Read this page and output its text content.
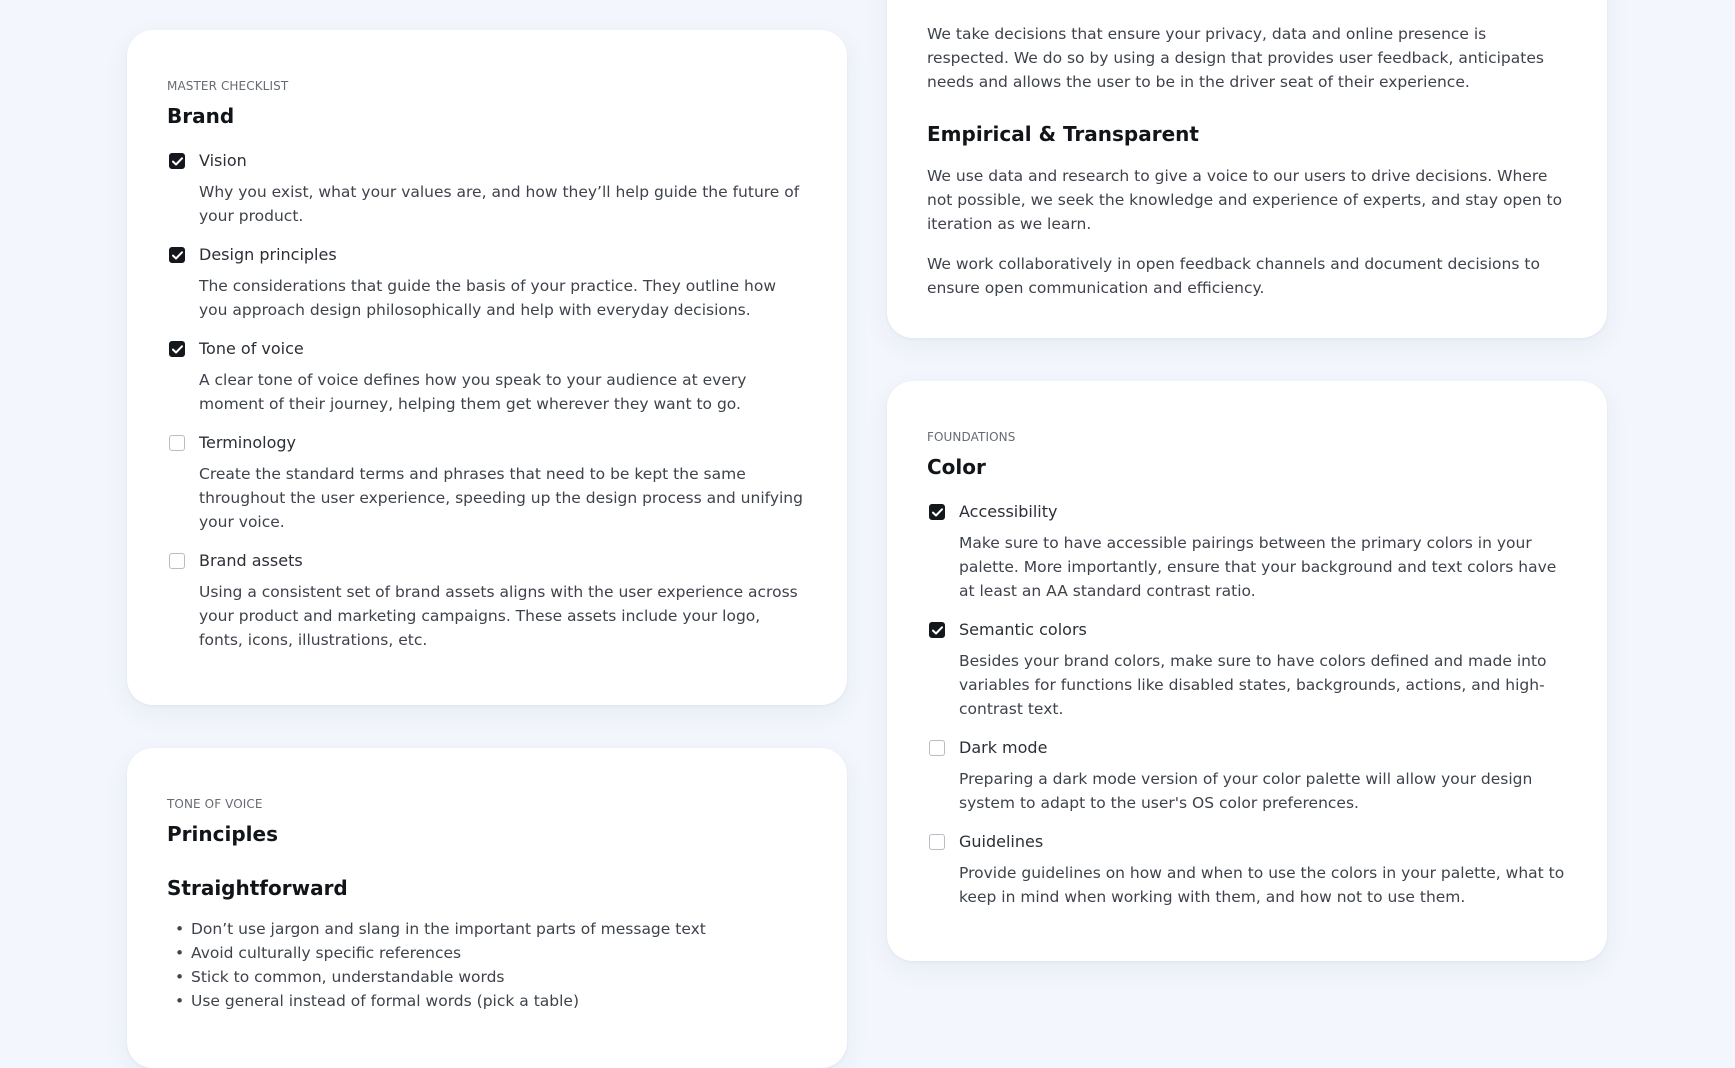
MASTER CHECKLIST
Brand
Vision
Why you exist, what your values are, and how they’ll help guide the future of your product.
Design principles
The considerations that guide the basis of your practice. They outline how you approach design philosophically and help with everyday decisions.
Tone of voice
A clear tone of voice defines how you speak to your audience at every moment of their journey, helping them get wherever they want to go.
Terminology
Create the standard terms and phrases that need to be kept the same throughout the user experience, speeding up the design process and unifying your voice.
Brand assets
Using a consistent set of brand assets aligns with the user experience across your product and marketing campaigns. These assets include your logo, fonts, icons, illustrations, etc.
TONE OF VOICE
Principles
Straightforward
• Don’t use jargon and slang in the important parts of message text
• Avoid culturally specific references
• Stick to common, understandable words
• Use general instead of formal words (pick a table)

We take decisions that ensure your privacy, data and online presence is respected. We do so by using a design that provides user feedback, anticipates needs and allows the user to be in the driver seat of their experience.

Empirical & Transparent

We use data and research to give a voice to our users to drive decisions. Where not possible, we seek the knowledge and experience of experts, and stay open to iteration as we learn.

We work collaboratively in open feedback channels and document decisions to ensure open communication and efficiency.

FOUNDATIONS
Color
Accessibility
Make sure to have accessible pairings between the primary colors in your palette. More importantly, ensure that your background and text colors have at least an AA standard contrast ratio.
Semantic colors
Besides your brand colors, make sure to have colors defined and made into variables for functions like disabled states, backgrounds, actions, and high-contrast text.
Dark mode
Preparing a dark mode version of your color palette will allow your design system to adapt to the user's OS color preferences.
Guidelines
Provide guidelines on how and when to use the colors in your palette, what to keep in mind when working with them, and how not to use them.
